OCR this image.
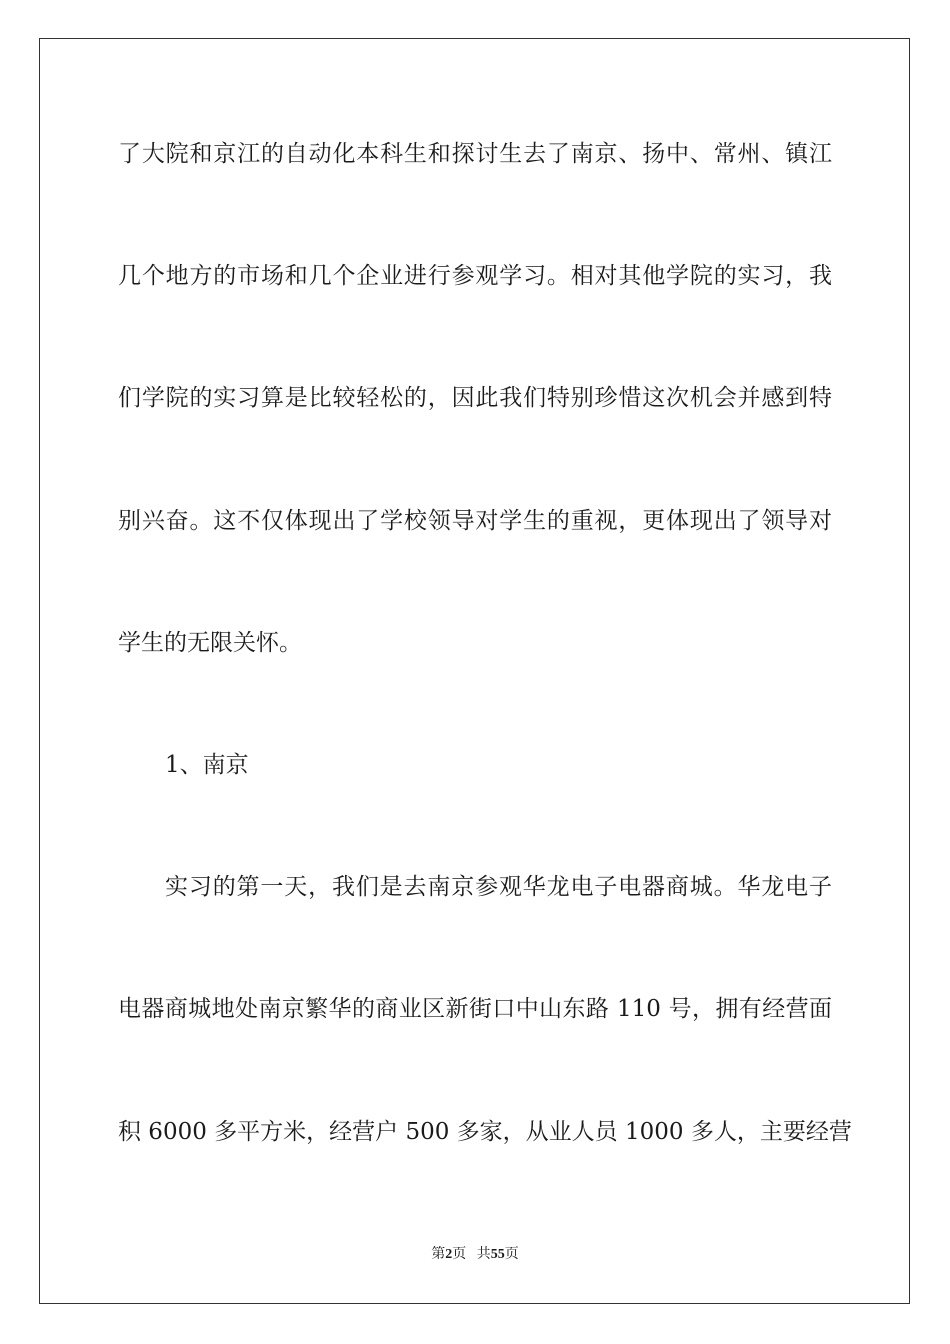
了大院和京江的自动化本科生和探讨生去了南京、扬中、常州、镇江
几个地方的市场和几个企业进行参观学习。相对其他学院的实习，我
们学院的实习算是比较轻松的，因此我们特别珍惜这次机会并感到特
别兴奋。这不仅体现出了学校领导对学生的重视，更体现出了领导对
学生的无限关怀。
1、南京
实习的第一天，我们是去南京参观华龙电子电器商城。华龙电子
电器商城地处南京繁华的商业区新街口中山东路 110 号，拥有经营面
积 6000 多平方米，经营户 500 多家，从业人员 1000 多人，主要经营
第2页 共55页
